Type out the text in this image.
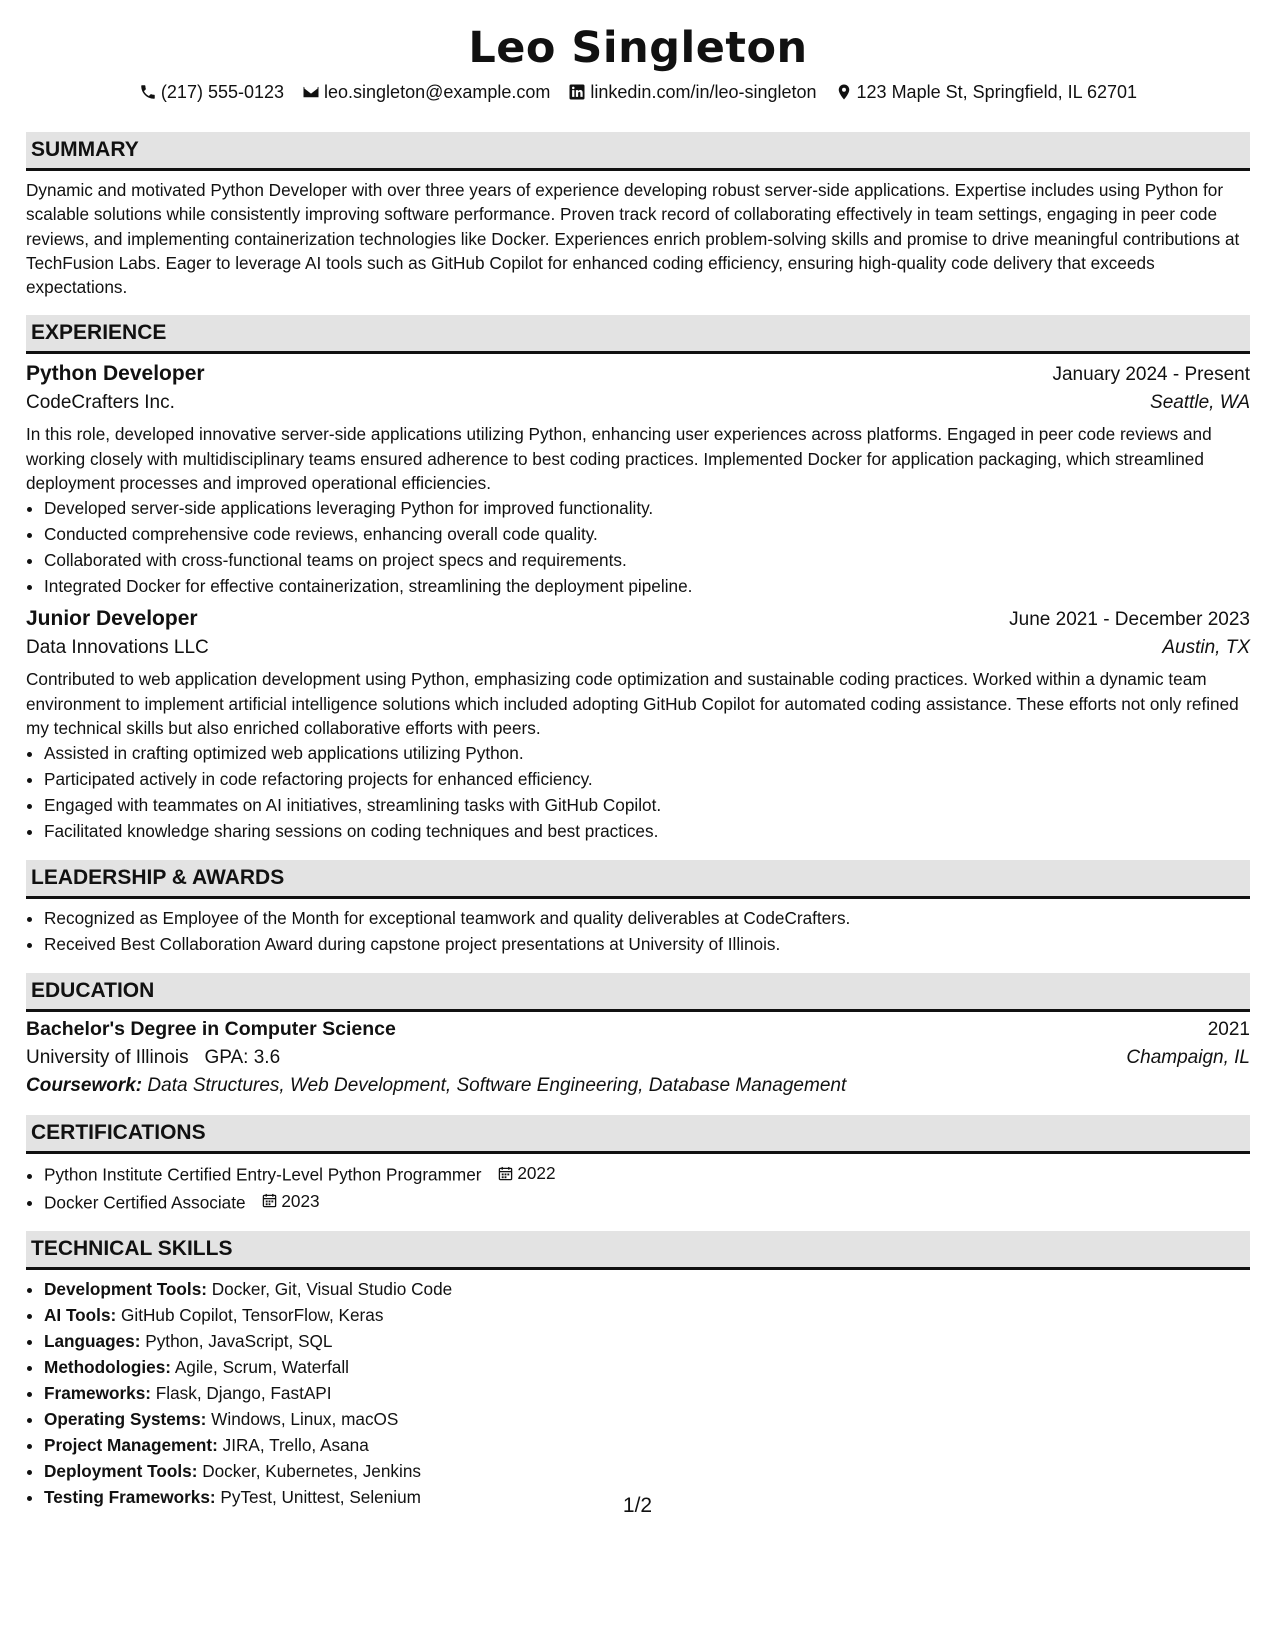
Leo Singleton
(217) 555-0123 leo.singleton@example.com linkedin.com/in/leo-singleton 123 Maple St, Springfield, IL 62701
SUMMARY
Dynamic and motivated Python Developer with over three years of experience developing robust server-side applications. Expertise includes using Python for scalable solutions while consistently improving software performance. Proven track record of collaborating effectively in team settings, engaging in peer code reviews, and implementing containerization technologies like Docker. Experiences enrich problem-solving skills and promise to drive meaningful contributions at TechFusion Labs. Eager to leverage AI tools such as GitHub Copilot for enhanced coding efficiency, ensuring high-quality code delivery that exceeds expectations.
EXPERIENCE
Python Developer	January 2024 - Present
CodeCrafters Inc.	Seattle, WA
In this role, developed innovative server-side applications utilizing Python, enhancing user experiences across platforms. Engaged in peer code reviews and working closely with multidisciplinary teams ensured adherence to best coding practices. Implemented Docker for application packaging, which streamlined deployment processes and improved operational efficiencies.
• Developed server-side applications leveraging Python for improved functionality.
• Conducted comprehensive code reviews, enhancing overall code quality.
• Collaborated with cross-functional teams on project specs and requirements.
• Integrated Docker for effective containerization, streamlining the deployment pipeline.
Junior Developer	June 2021 - December 2023
Data Innovations LLC	Austin, TX
Contributed to web application development using Python, emphasizing code optimization and sustainable coding practices. Worked within a dynamic team environment to implement artificial intelligence solutions which included adopting GitHub Copilot for automated coding assistance. These efforts not only refined my technical skills but also enriched collaborative efforts with peers.
• Assisted in crafting optimized web applications utilizing Python.
• Participated actively in code refactoring projects for enhanced efficiency.
• Engaged with teammates on AI initiatives, streamlining tasks with GitHub Copilot.
• Facilitated knowledge sharing sessions on coding techniques and best practices.
LEADERSHIP & AWARDS
• Recognized as Employee of the Month for exceptional teamwork and quality deliverables at CodeCrafters.
• Received Best Collaboration Award during capstone project presentations at University of Illinois.
EDUCATION
Bachelor's Degree in Computer Science	2021
University of Illinois GPA: 3.6	Champaign, IL
Coursework: Data Structures, Web Development, Software Engineering, Database Management
CERTIFICATIONS
• Python Institute Certified Entry-Level Python Programmer 2022
• Docker Certified Associate 2023
TECHNICAL SKILLS
• Development Tools: Docker, Git, Visual Studio Code
• AI Tools: GitHub Copilot, TensorFlow, Keras
• Languages: Python, JavaScript, SQL
• Methodologies: Agile, Scrum, Waterfall
• Frameworks: Flask, Django, FastAPI
• Operating Systems: Windows, Linux, macOS
• Project Management: JIRA, Trello, Asana
• Deployment Tools: Docker, Kubernetes, Jenkins
• Testing Frameworks: PyTest, Unittest, Selenium	1/2
